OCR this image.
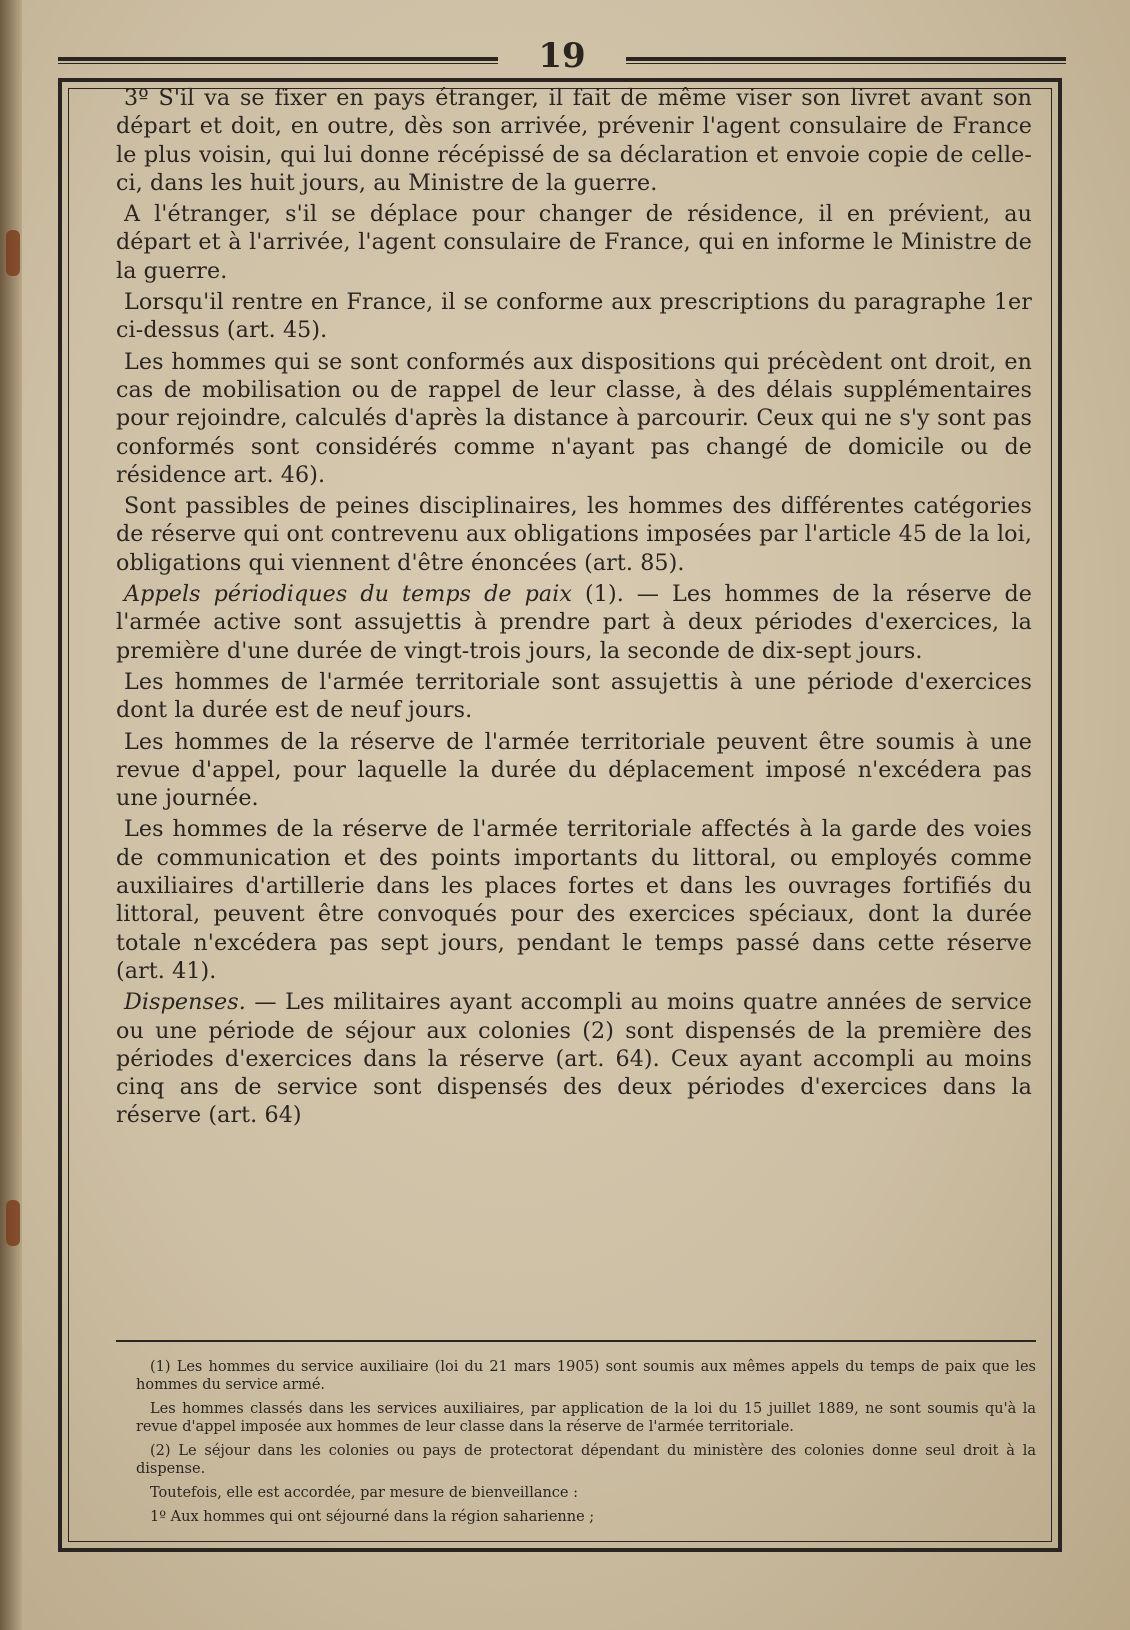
19

3º S'il va se fixer en pays étranger, il fait de même viser son livret avant son départ et doit, en outre, dès son arrivée, prévenir l'agent consulaire de France le plus voisin, qui lui donne récépissé de sa déclaration et envoie copie de celle-ci, dans les huit jours, au Ministre de la guerre.

A l'étranger, s'il se déplace pour changer de résidence, il en prévient, au départ et à l'arrivée, l'agent consulaire de France, qui en informe le Ministre de la guerre.

Lorsqu'il rentre en France, il se conforme aux prescriptions du paragraphe 1er ci-dessus (art. 45).

Les hommes qui se sont conformés aux dispositions qui précèdent ont droit, en cas de mobilisation ou de rappel de leur classe, à des délais supplémentaires pour rejoindre, calculés d'après la distance à parcourir. Ceux qui ne s'y sont pas conformés sont considérés comme n'ayant pas changé de domicile ou de résidence art. 46).

Sont passibles de peines disciplinaires, les hommes des différentes catégories de réserve qui ont contrevenu aux obligations imposées par l'article 45 de la loi, obligations qui viennent d'être énoncées (art. 85).

Appels périodiques du temps de paix (1). — Les hommes de la réserve de l'armée active sont assujettis à prendre part à deux périodes d'exercices, la première d'une durée de vingt-trois jours, la seconde de dix-sept jours.

Les hommes de l'armée territoriale sont assujettis à une période d'exercices dont la durée est de neuf jours.

Les hommes de la réserve de l'armée territoriale peuvent être soumis à une revue d'appel, pour laquelle la durée du déplacement imposé n'excédera pas une journée.

Les hommes de la réserve de l'armée territoriale affectés à la garde des voies de communication et des points importants du littoral, ou employés comme auxiliaires d'artillerie dans les places fortes et dans les ouvrages fortifiés du littoral, peuvent être convoqués pour des exercices spéciaux, dont la durée totale n'excédera pas sept jours, pendant le temps passé dans cette réserve (art. 41).

Dispenses. — Les militaires ayant accompli au moins quatre années de service ou une période de séjour aux colonies (2) sont dispensés de la première des périodes d'exercices dans la réserve (art. 64). Ceux ayant accompli au moins cinq ans de service sont dispensés des deux périodes d'exercices dans la réserve (art. 64)

(1) Les hommes du service auxiliaire (loi du 21 mars 1905) sont soumis aux mêmes appels du temps de paix que les hommes du service armé.

Les hommes classés dans les services auxiliaires, par application de la loi du 15 juillet 1889, ne sont soumis qu'à la revue d'appel imposée aux hommes de leur classe dans la réserve de l'armée territoriale.

(2) Le séjour dans les colonies ou pays de protectorat dépendant du ministère des colonies donne seul droit à la dispense.

Toutefois, elle est accordée, par mesure de bienveillance :

1º Aux hommes qui ont séjourné dans la région saharienne ;
